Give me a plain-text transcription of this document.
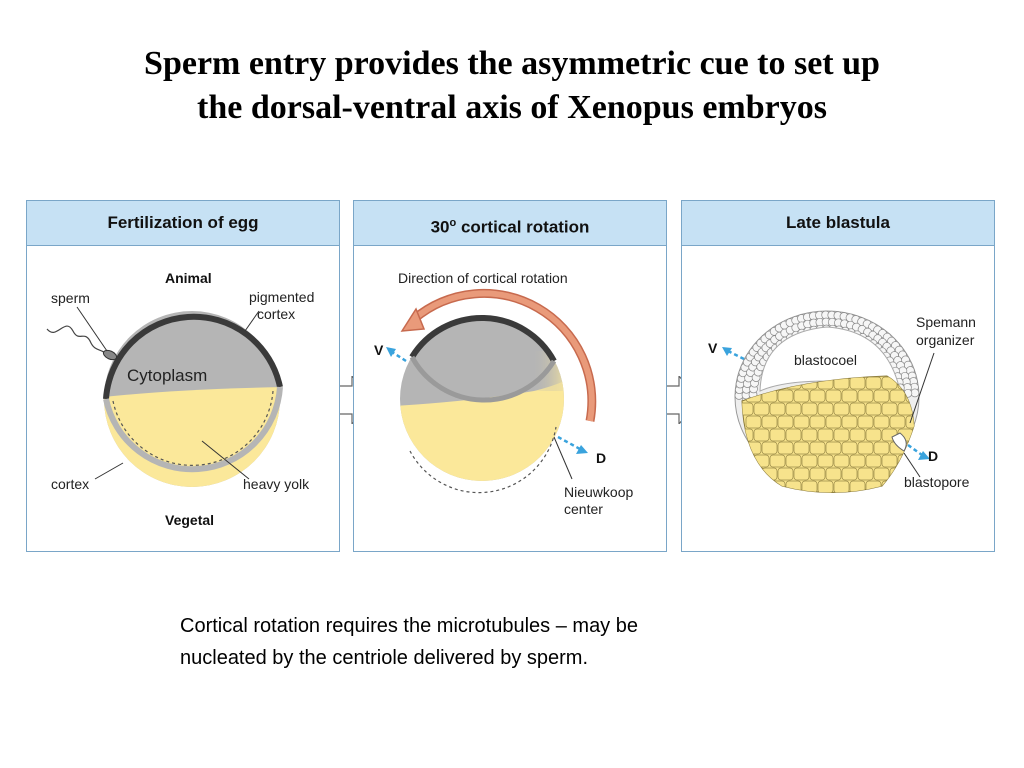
Sperm entry provides the asymmetric cue to set up
the dorsal-ventral axis of Xenopus embryos
Fertilization of egg
Animal
sperm	pigmented
cortex
Cytoplasm
cortex	heavy yolk
Vegetal
30$^o$ cortical rotation
Direction of cortical rotation
V
D
Nieuwkoop
center
Late blastula
V
blastocoel
Spemann
organizer
D
blastopore
Cortical rotation requires the microtubules – may be
nucleated by the centriole delivered by sperm.
